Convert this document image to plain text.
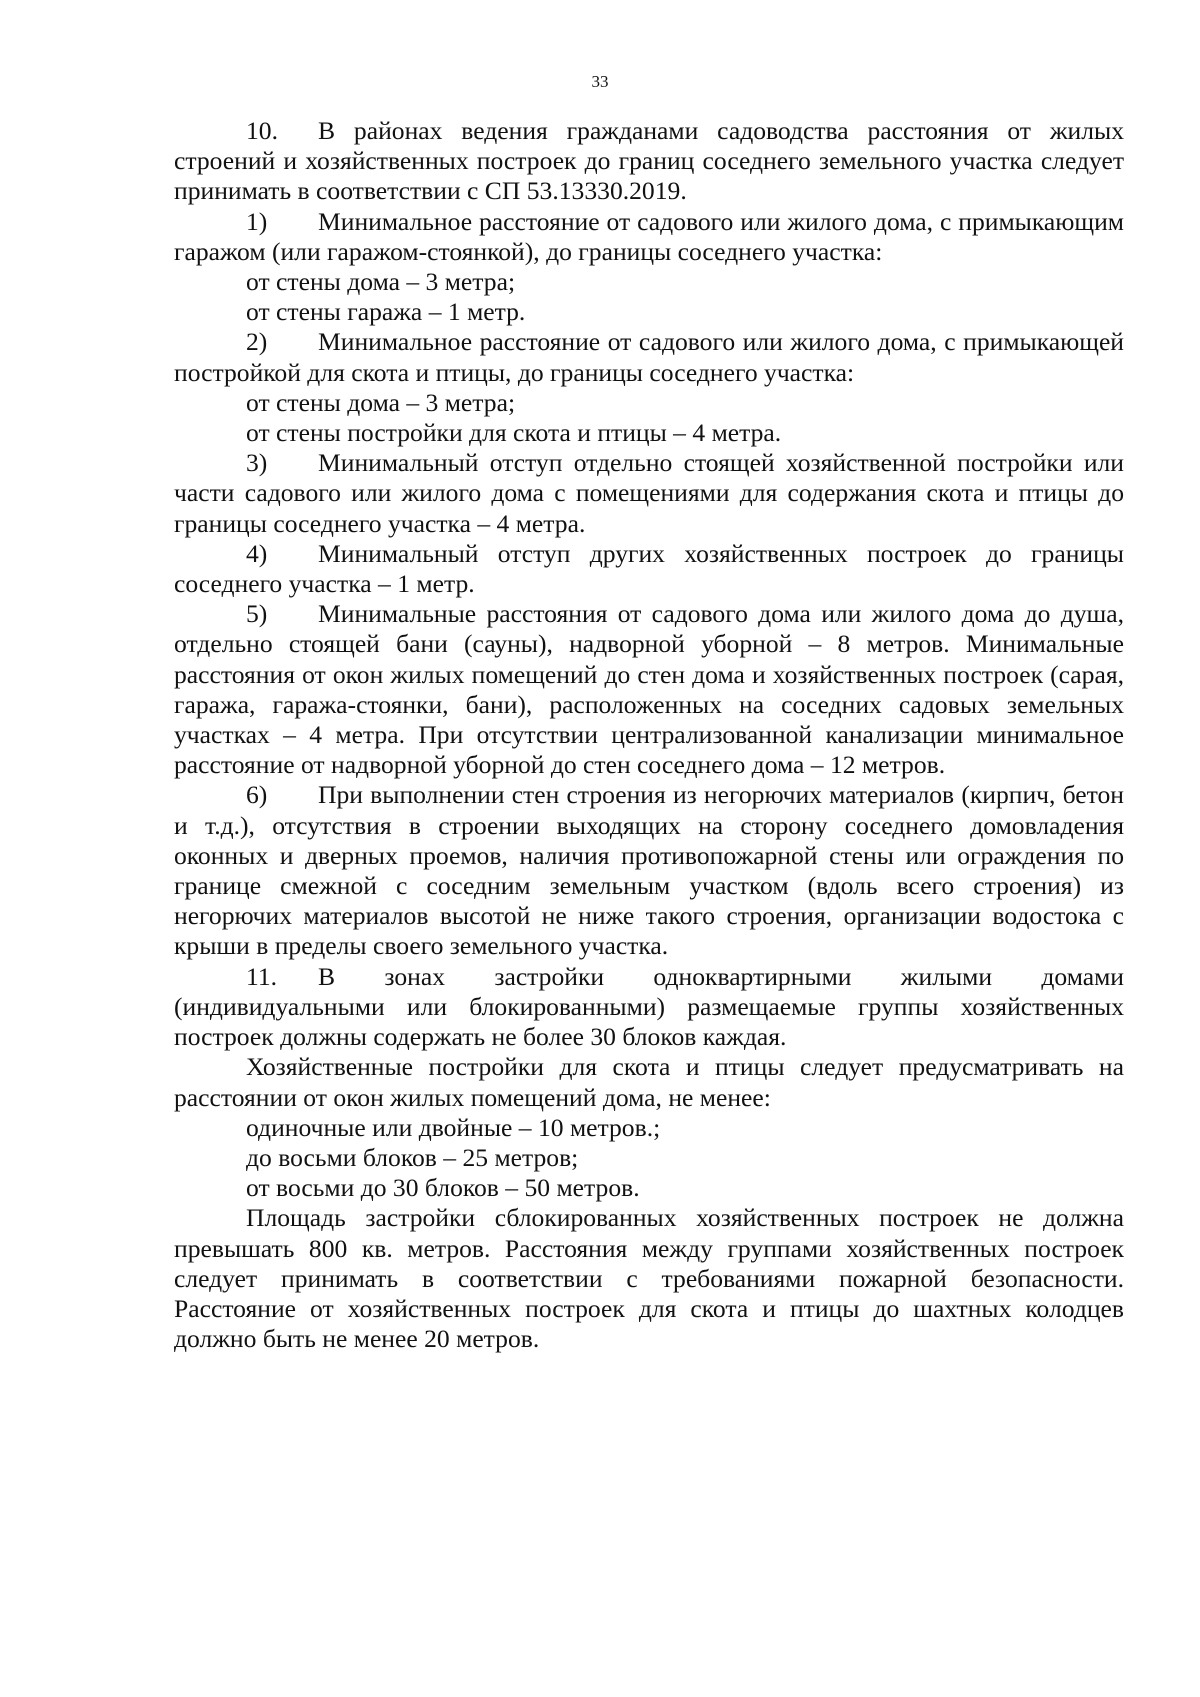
33

10. В районах ведения гражданами садоводства расстояния от жилых строений и хозяйственных построек до границ соседнего земельного участка следует принимать в соответствии с СП 53.13330.2019.

1) Минимальное расстояние от садового или жилого дома, с примыкающим гаражом (или гаражом-стоянкой), до границы соседнего участка:

от стены дома – 3 метра;

от стены гаража – 1 метр.

2) Минимальное расстояние от садового или жилого дома, с примыкающей постройкой для скота и птицы, до границы соседнего участка:

от стены дома – 3 метра;

от стены постройки для скота и птицы – 4 метра.

3) Минимальный отступ отдельно стоящей хозяйственной постройки или части садового или жилого дома с помещениями для содержания скота и птицы до границы соседнего участка – 4 метра.

4) Минимальный отступ других хозяйственных построек до границы соседнего участка – 1 метр.

5) Минимальные расстояния от садового дома или жилого дома до душа, отдельно стоящей бани (сауны), надворной уборной – 8 метров. Минимальные расстояния от окон жилых помещений до стен дома и хозяйственных построек (сарая, гаража, гаража-стоянки, бани), расположенных на соседних садовых земельных участках – 4 метра. При отсутствии централизованной канализации минимальное расстояние от надворной уборной до стен соседнего дома – 12 метров.

6) При выполнении стен строения из негорючих материалов (кирпич, бетон и т.д.), отсутствия в строении выходящих на сторону соседнего домовладения оконных и дверных проемов, наличия противопожарной стены или ограждения по границе смежной с соседним земельным участком (вдоль всего строения) из негорючих материалов высотой не ниже такого строения, организации водостока с крыши в пределы своего земельного участка.

11. В зонах застройки одноквартирными жилыми домами (индивидуальными или блокированными) размещаемые группы хозяйственных построек должны содержать не более 30 блоков каждая.

Хозяйственные постройки для скота и птицы следует предусматривать на расстоянии от окон жилых помещений дома, не менее:

одиночные или двойные – 10 метров.;

до восьми блоков – 25 метров;

от восьми до 30 блоков – 50 метров.

Площадь застройки сблокированных хозяйственных построек не должна превышать 800 кв. метров. Расстояния между группами хозяйственных построек следует принимать в соответствии с требованиями пожарной безопасности. Расстояние от хозяйственных построек для скота и птицы до шахтных колодцев должно быть не менее 20 метров.
